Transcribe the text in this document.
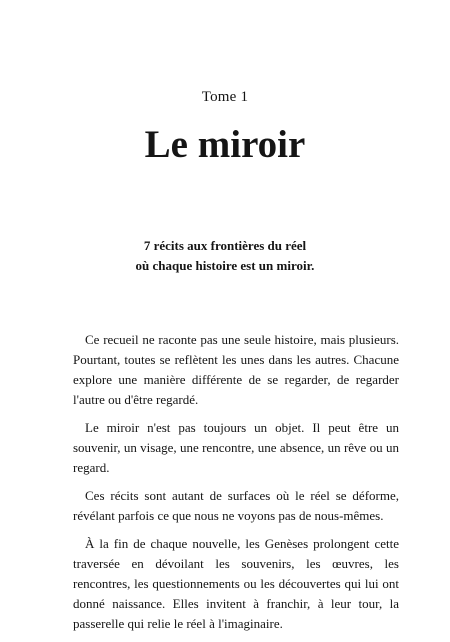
Tome 1
Le miroir
7 récits aux frontières du réel
où chaque histoire est un miroir.

Ce recueil ne raconte pas une seule histoire, mais plusieurs. Pourtant, toutes se reflètent les unes dans les autres. Chacune explore une manière différente de se regarder, de regarder l'autre ou d'être regardé.

Le miroir n'est pas toujours un objet. Il peut être un souvenir, un visage, une rencontre, une absence, un rêve ou un regard.

Ces récits sont autant de surfaces où le réel se déforme, révélant parfois ce que nous ne voyons pas de nous-mêmes.

À la fin de chaque nouvelle, les Genèses prolongent cette traversée en dévoilant les souvenirs, les œuvres, les rencontres, les questionnements ou les découvertes qui lui ont donné naissance. Elles invitent à franchir, à leur tour, la passerelle qui relie le réel à l'imaginaire.
